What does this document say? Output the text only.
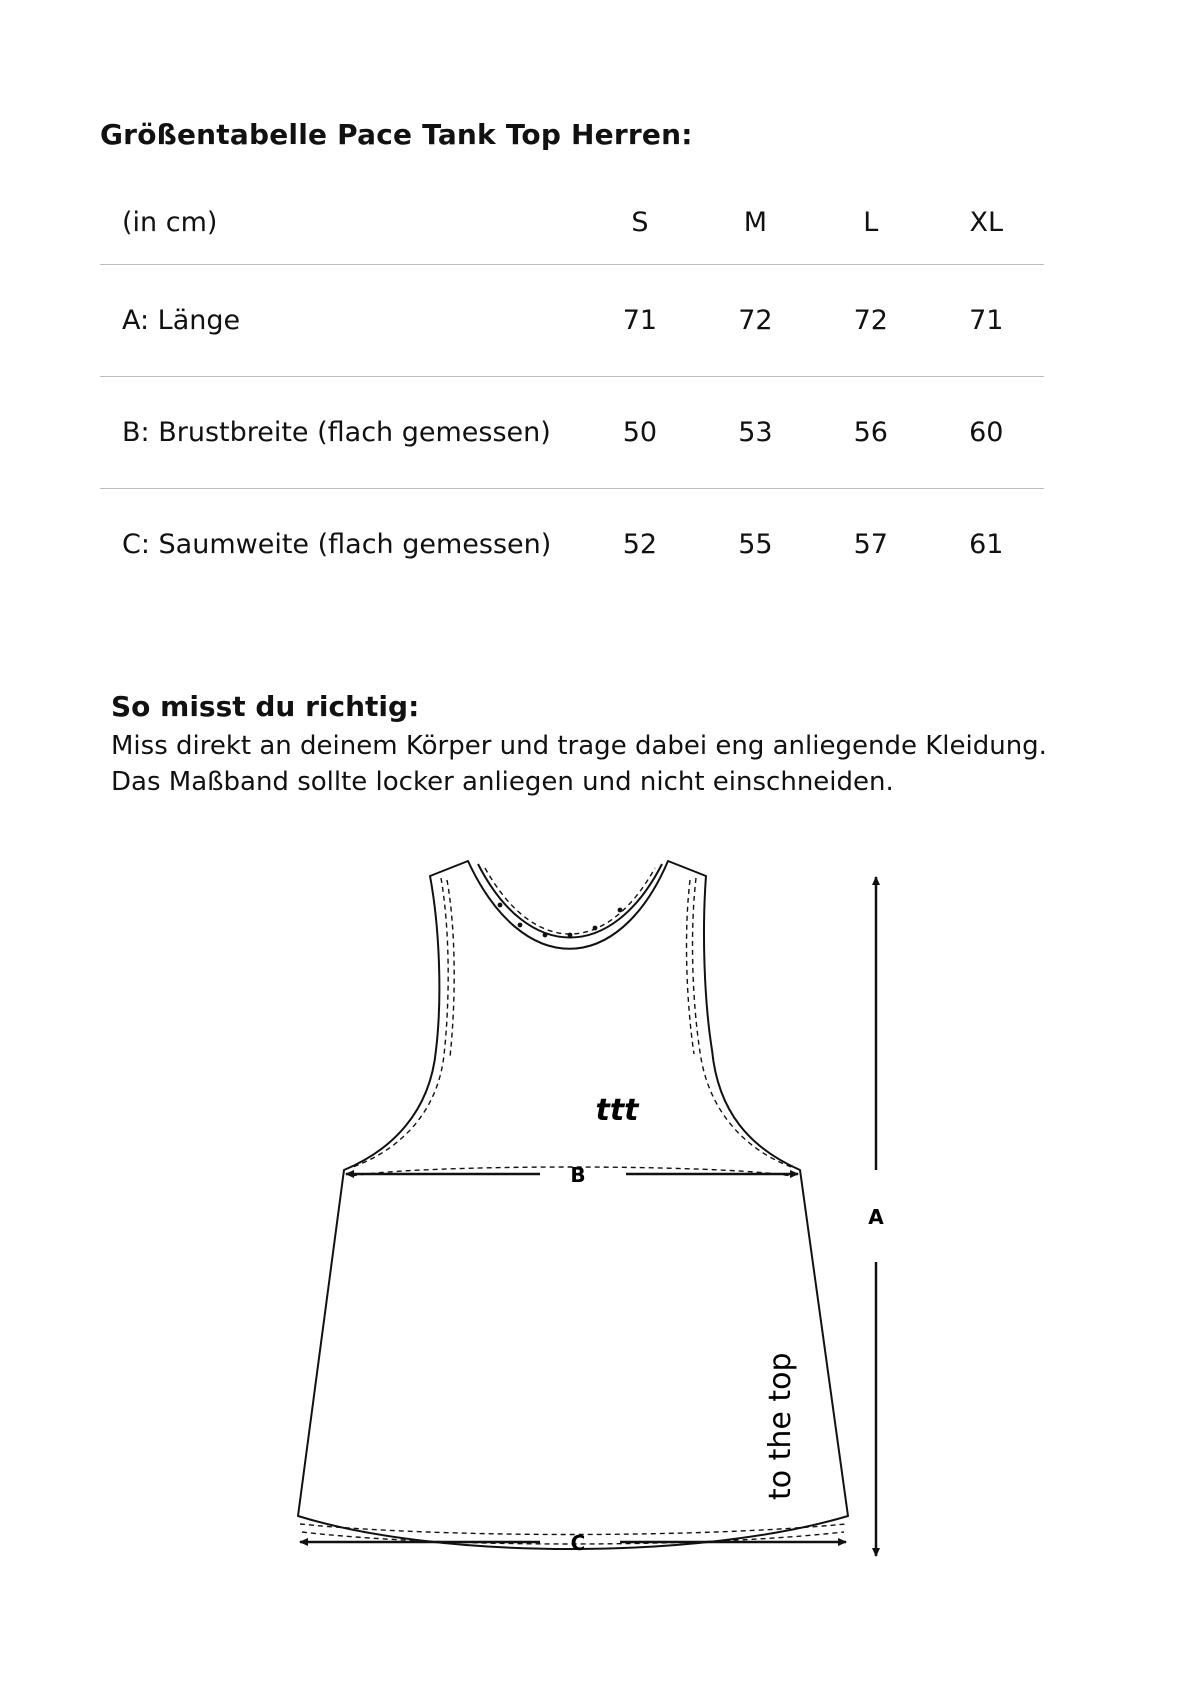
Größentabelle Pace Tank Top Herren:
(in cm)	S	M	L	XL
A: Länge	71	72	72	71
B: Brustbreite (flach gemessen)	50	53	56	60
C: Saumweite (flach gemessen)	52	55	57	61
So misst du richtig:

Miss direkt an deinem Körper und trage dabei eng anliegende Kleidung.

Das Maßband sollte locker anliegen und nicht einschneiden.

ttt
to the top
B
C
A
